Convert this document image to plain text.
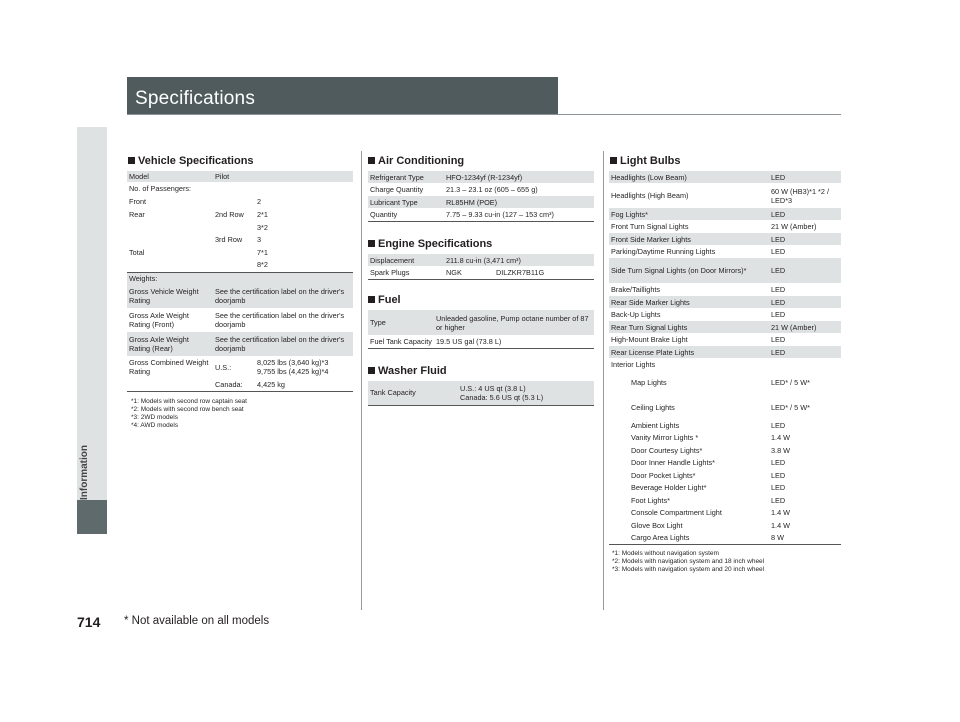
Specifications
Information
714 * Not available on all models
Vehicle Specifications
Model	Pilot	
No. of Passengers:		
Front		2
Rear	2nd Row	2*1
		3*2
	3rd Row	3
Total		7*1
		8*2
Weights:		
Gross Vehicle Weight Rating	See the certification label on the driver's doorjamb	
Gross Axle Weight Rating (Front)	See the certification label on the driver's doorjamb	
Gross Axle Weight Rating (Rear)	See the certification label on the driver's doorjamb	
Gross Combined Weight Rating	U.S.:	8,025 lbs (3,640 kg)*3
9,755 lbs (4,425 kg)*4

	Canada:	4,425 kg
*1: Models with second row captain seat
*2: Models with second row bench seat
*3: 2WD models
*4: AWD models
Air Conditioning
Refrigerant Type	HFO-1234yf (R-1234yf)
Charge Quantity	21.3 – 23.1 oz (605 – 655 g)
Lubricant Type	RL85HM (POE)
Quantity	7.75 – 9.33 cu-in (127 – 153 cm³)
Engine Specifications
Displacement	211.8 cu-in (3,471 cm³)	
Spark Plugs	NGK	DILZKR7B11G
Fuel
Type	Unleaded gasoline, Pump octane number of 87 or higher
Fuel Tank Capacity	19.5 US gal (73.8 L)
Washer Fluid
Tank Capacity	U.S.: 4 US qt (3.8 L)
Canada: 5.6 US qt (5.3 L)
Light Bulbs
Headlights (Low Beam)	LED
Headlights (High Beam)	60 W (HB3)*1 *2 / LED*3
Fog Lights*	LED
Front Turn Signal Lights	21 W (Amber)
Front Side Marker Lights	LED
Parking/Daytime Running Lights	LED
Side Turn Signal Lights (on Door Mirrors)*	LED
Brake/Taillights	LED
Rear Side Marker Lights	LED
Back-Up Lights	LED
Rear Turn Signal Lights	21 W (Amber)
High-Mount Brake Light	LED
Rear License Plate Lights	LED
Interior Lights	
Map Lights	LED* / 5 W*
Ceiling Lights	LED* / 5 W*
Ambient Lights	LED
Vanity Mirror Lights *	1.4 W
Door Courtesy Lights*	3.8 W
Door Inner Handle Lights*	LED
Door Pocket Lights*	LED
Beverage Holder Light*	LED
Foot Lights*	LED
Console Compartment Light	1.4 W
Glove Box Light	1.4 W
Cargo Area Lights	8 W
*1: Models without navigation system
*2: Models with navigation system and 18 inch wheel
*3: Models with navigation system and 20 inch wheel
